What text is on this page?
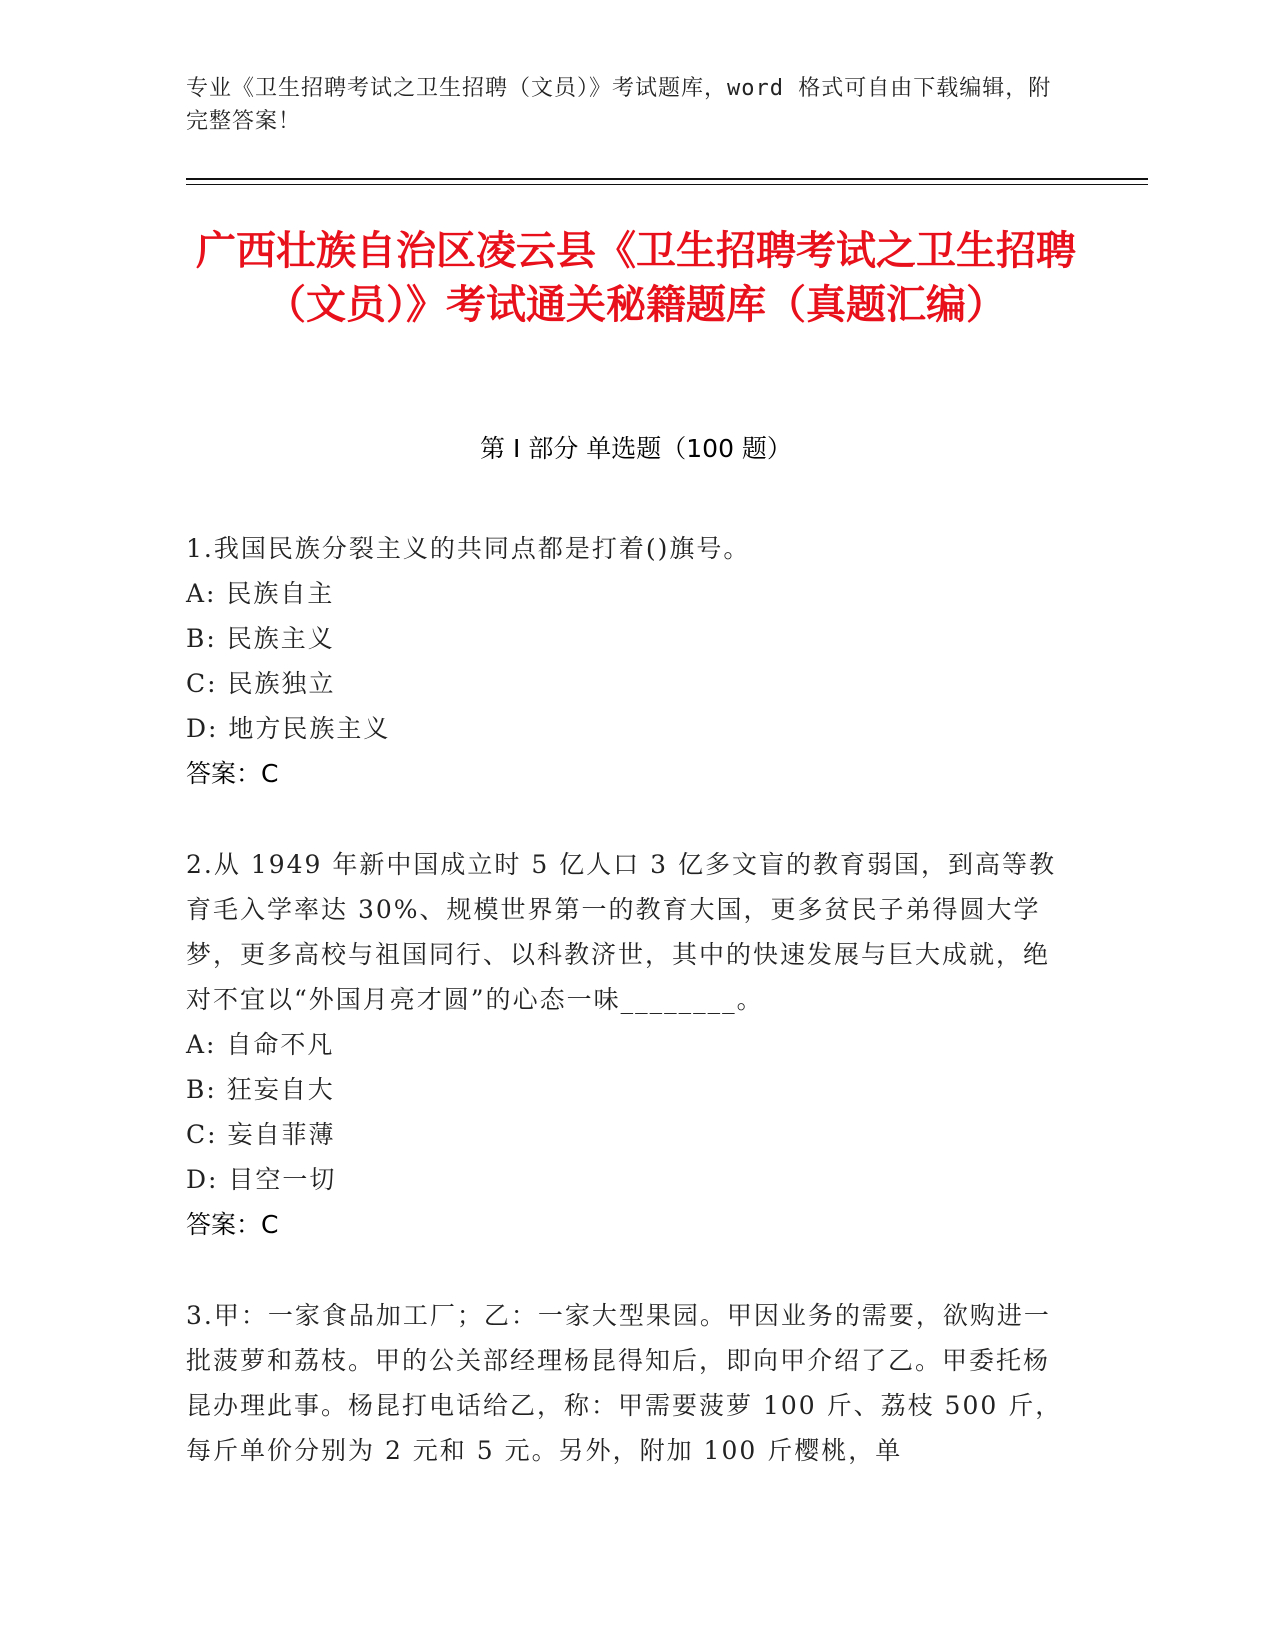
专业《卫生招聘考试之卫生招聘（文员）》考试题库，word 格式可自由下载编辑，附完整答案！
广西壮族自治区凌云县《卫生招聘考试之卫生招聘（文员）》考试通关秘籍题库（真题汇编）
第 I 部分 单选题（100 题）
1.我国民族分裂主义的共同点都是打着()旗号。
A: 民族自主
B: 民族主义
C: 民族独立
D: 地方民族主义
答案：C
2.从 1949 年新中国成立时 5 亿人口 3 亿多文盲的教育弱国，到高等教育毛入学率达 30%、规模世界第一的教育大国，更多贫民子弟得圆大学梦，更多高校与祖国同行、以科教济世，其中的快速发展与巨大成就，绝对不宜以“外国月亮才圆”的心态一味________。
A: 自命不凡
B: 狂妄自大
C: 妄自菲薄
D: 目空一切
答案：C
3.甲：一家食品加工厂；乙：一家大型果园。甲因业务的需要，欲购进一批菠萝和荔枝。甲的公关部经理杨昆得知后，即向甲介绍了乙。甲委托杨昆办理此事。杨昆打电话给乙，称：甲需要菠萝 100 斤、荔枝 500 斤，每斤单价分别为 2 元和 5 元。另外，附加 100 斤樱桃，单
